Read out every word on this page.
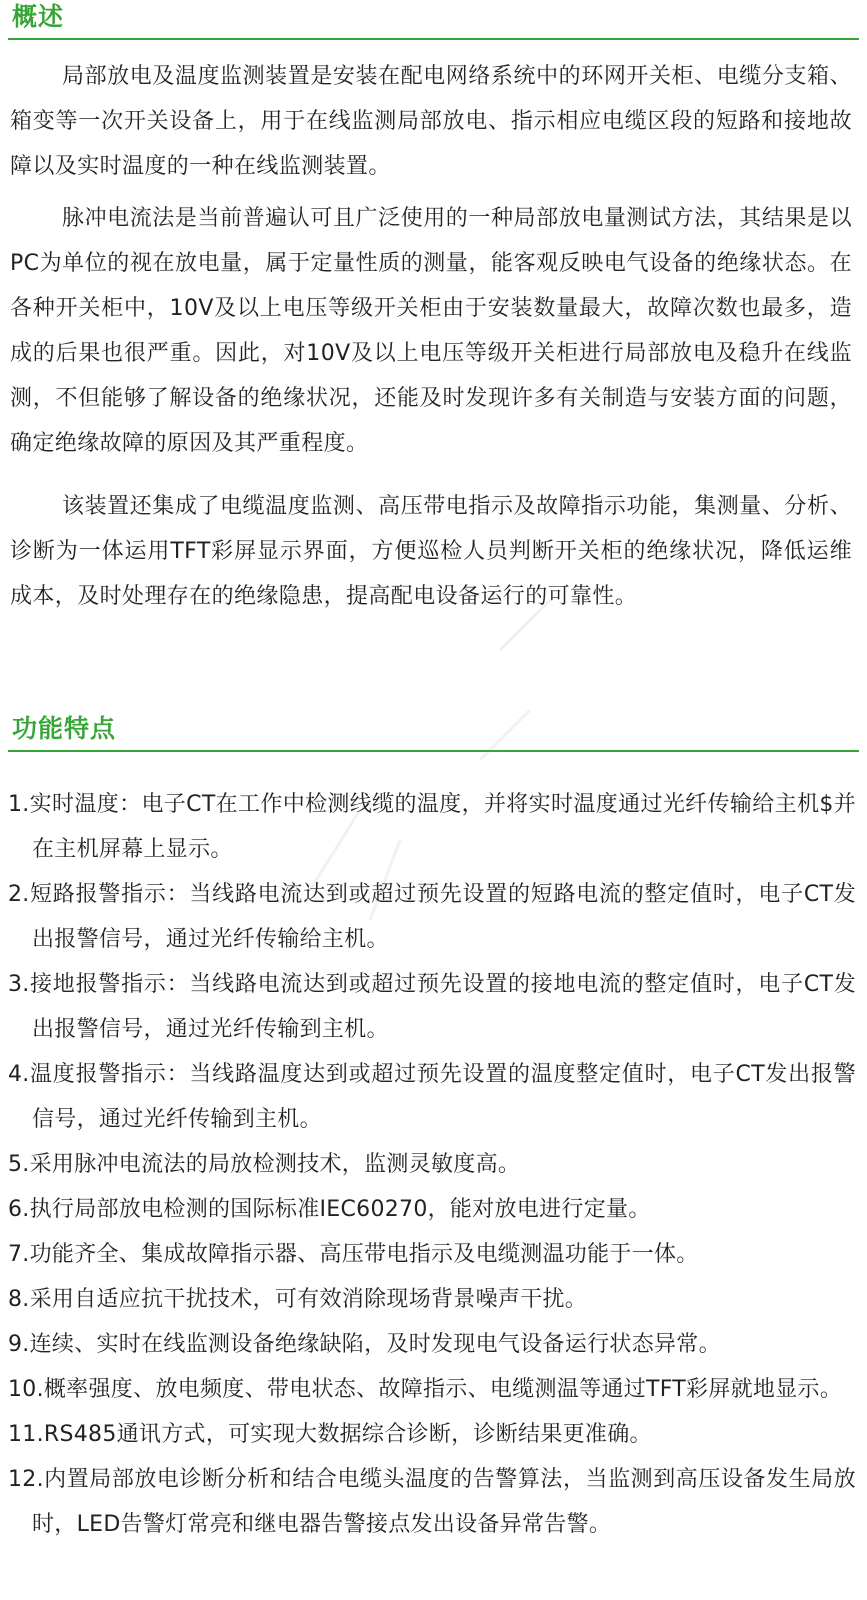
概述

局部放电及温度监测装置是安装在配电网络系统中的环网开关柜、电缆分支箱、箱变等一次开关设备上，用于在线监测局部放电、指示相应电缆区段的短路和接地故障以及实时温度的一种在线监测装置。

脉冲电流法是当前普遍认可且广泛使用的一种局部放电量测试方法，其结果是以PC为单位的视在放电量，属于定量性质的测量，能客观反映电气设备的绝缘状态。在各种开关柜中，10V及以上电压等级开关柜由于安装数量最大，故障次数也最多，造成的后果也很严重。因此，对10V及以上电压等级开关柜进行局部放电及稳升在线监测，不但能够了解设备的绝缘状况，还能及时发现许多有关制造与安装方面的问题，确定绝缘故障的原因及其严重程度。

该装置还集成了电缆温度监测、高压带电指示及故障指示功能，集测量、分析、诊断为一体运用TFT彩屏显示界面，方便巡检人员判断开关柜的绝缘状况，降低运维成本，及时处理存在的绝缘隐患，提高配电设备运行的可靠性。

功能特点
1.实时温度：电子CT在工作中检测线缆的温度，并将实时温度通过光纤传输给主机$并在主机屏幕上显示。
2.短路报警指示：当线路电流达到或超过预先设置的短路电流的整定值时，电子CT发出报警信号，通过光纤传输给主机。
3.接地报警指示：当线路电流达到或超过预先设置的接地电流的整定值时，电子CT发出报警信号，通过光纤传输到主机。
4.温度报警指示：当线路温度达到或超过预先设置的温度整定值时，电子CT发出报警信号，通过光纤传输到主机。
5.采用脉冲电流法的局放检测技术，监测灵敏度高。
6.执行局部放电检测的国际标准IEC60270，能对放电进行定量。
7.功能齐全、集成故障指示器、高压带电指示及电缆测温功能于一体。
8.采用自适应抗干扰技术，可有效消除现场背景噪声干扰。
9.连续、实时在线监测设备绝缘缺陷，及时发现电气设备运行状态异常。
10.概率强度、放电频度、带电状态、故障指示、电缆测温等通过TFT彩屏就地显示。
11.RS485通讯方式，可实现大数据综合诊断，诊断结果更准确。
12.内置局部放电诊断分析和结合电缆头温度的告警算法，当监测到高压设备发生局放时，LED告警灯常亮和继电器告警接点发出设备异常告警。
